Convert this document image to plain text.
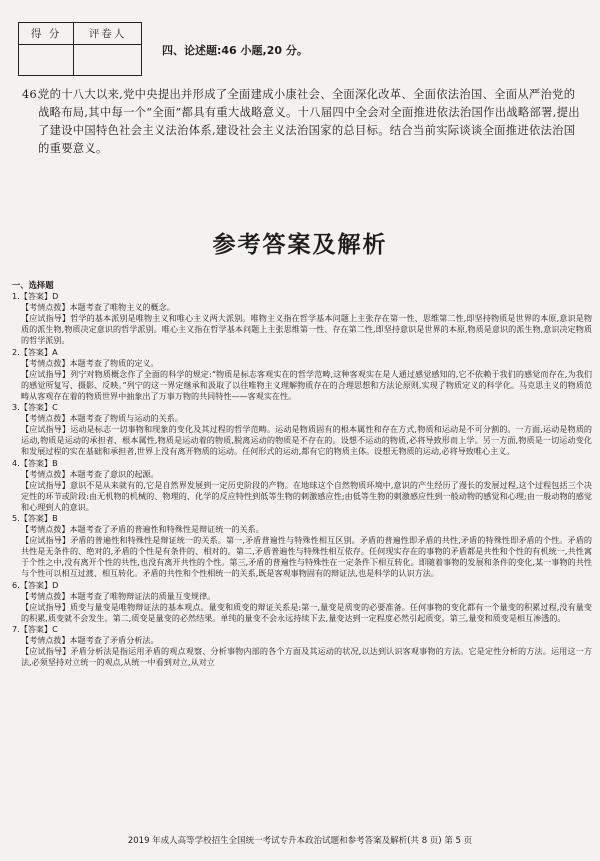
得 分	评卷人

四、论述题:46 小题,20 分。
46.
党的十八大以来,党中央提出并形成了全面建成小康社会、全面深化改革、全面依法治国、全面从严治党的战略布局,其中每一个“全面”都具有重大战略意义。十八届四中全会对全面推进依法治国作出战略部署,提出了建设中国特色社会主义法治体系,建设社会主义法治国家的总目标。结合当前实际谈谈全面推进依法治国的重要意义。
参考答案及解析
一、选择题
1.【答案】D
【考情点拨】本题考查了唯物主义的概念。
【应试指导】哲学的基本派别是唯物主义和唯心主义两大派别。唯物主义指在哲学基本问题上主张存在第一性、思维第二性,即坚持物质是世界的本原,意识是物质的派生物,物质决定意识的哲学派别。唯心主义指在哲学基本问题上主张思维第一性、存在第二性,即坚持意识是世界的本原,物质是意识的派生物,意识决定物质的哲学派别。
2.【答案】A
【考情点拨】本题考查了物质的定义。
【应试指导】列宁对物质概念作了全面的科学的规定:“物质是标志客观实在的哲学范畴,这种客观实在是人通过感觉感知的,它不依赖于我们的感觉而存在,为我们的感觉所复写、摄影、反映。”列宁的这一界定继承和汲取了以往唯物主义理解物质存在的合理思想和方法论原则,实现了物质定义的科学化。马克思主义的物质范畴从客观存在着的物质世界中抽象出了万事万物的共同特性——客观实在性。
3.【答案】C
【考情点拨】本题考查了物质与运动的关系。
【应试指导】运动是标志一切事物和现象的变化及其过程的哲学范畴。运动是物质固有的根本属性和存在方式,物质和运动是不可分割的。一方面,运动是物质的运动,物质是运动的承担者、根本属性,物质是运动着的物质,脱离运动的物质是不存在的。设想不运动的物质,必将导致形而上学。另一方面,物质是一切运动变化和发展过程的实在基础和承担者,世界上没有离开物质的运动。任何形式的运动,都有它的物质主体。设想无物质的运动,必将导致唯心主义。
4.【答案】B
【考情点拨】本题考查了意识的起源。
【应试指导】意识不是从来就有的,它是自然界发展到一定历史阶段的产物。在地球这个自然物质环境中,意识的产生经历了漫长的发展过程,这个过程包括三个决定性的环节或阶段:由无机物的机械的、物理的、化学的反应特性到低等生物的刺激感应性;由低等生物的刺激感应性到一般动物的感觉和心理;由一般动物的感觉和心理到人的意识。
5.【答案】B
【考情点拨】本题考查了矛盾的普遍性和特殊性是辩证统一的关系。
【应试指导】矛盾的普遍性和特殊性是辩证统一的关系。第一,矛盾普遍性与特殊性相互区别。矛盾的普遍性即矛盾的共性,矛盾的特殊性即矛盾的个性。矛盾的共性是无条件的、绝对的,矛盾的个性是有条件的、相对的。第二,矛盾普遍性与特殊性相互依存。任何现实存在的事物的矛盾都是共性和个性的有机统一,共性寓于个性之中,没有离开个性的共性,也没有离开共性的个性。第三,矛盾的普遍性与特殊性在一定条件下相互转化。即随着事物的发展和条件的变化,某一事物的共性与个性可以相互过渡、相互转化。矛盾的共性和个性相统一的关系,既是客观事物固有的辩证法,也是科学的认识方法。
6.【答案】D
【考情点拨】本题考查了唯物辩证法的质量互变规律。
【应试指导】质变与量变是唯物辩证法的基本观点。量变和质变的辩证关系是:第一,量变是质变的必要准备。任何事物的变化都有一个量变的积累过程,没有量变的积累,质变就不会发生。第二,质变是量变的必然结果。单纯的量变不会永远持续下去,量变达到一定程度必然引起质变。第三,量变和质变是相互渗透的。
7.【答案】C
【考情点拨】本题考查了矛盾分析法。
【应试指导】矛盾分析法是指运用矛盾的观点观察、分析事物内部的各个方面及其运动的状况,以达到认识客观事物的方法。它是定性分析的方法。运用这一方法,必须坚持对立统一的观点,从统一中看到对立,从对立
2019 年成人高等学校招生全国统一考试专升本政治试题和参考答案及解析(共 8 页) 第 5 页
